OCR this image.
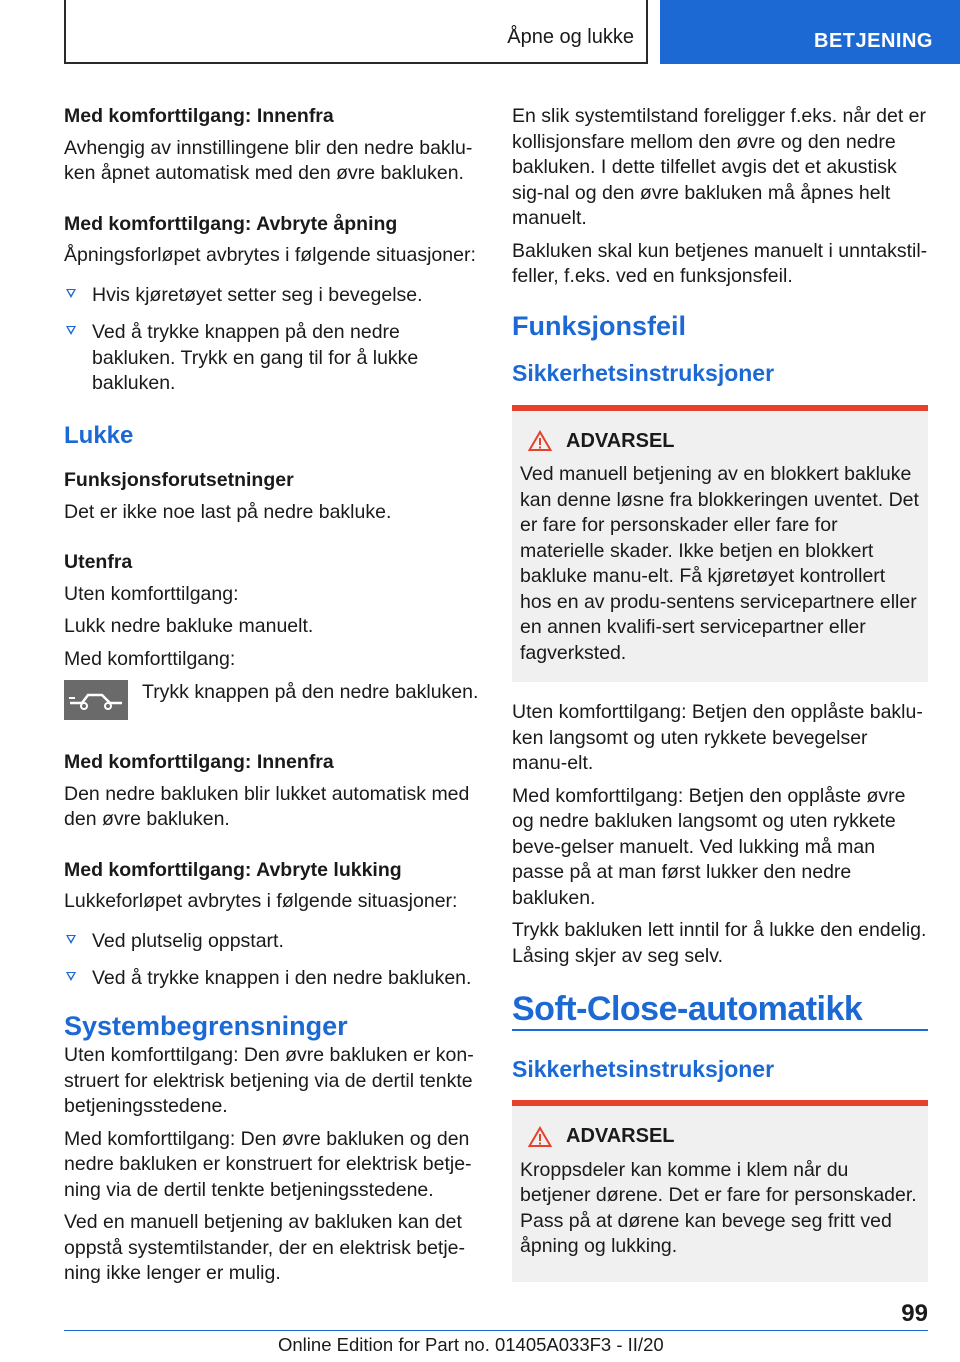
Åpne og lukke	BETJENING

Med komforttilgang: Innenfra

Avhengig av innstillingene blir den nedre baklu-ken åpnet automatisk med den øvre bakluken.

Med komforttilgang: Avbryte åpning

Åpningsforløpet avbrytes i følgende situasjoner:

Hvis kjøretøyet setter seg i bevegelse.
Ved å trykke knappen på den nedre bakluken. Trykk en gang til for å lukke bakluken.
Lukke

Funksjonsforutsetninger

Det er ikke noe last på nedre bakluke.

Utenfra

Uten komforttilgang:

Lukk nedre bakluke manuelt.

Med komforttilgang:

Trykk knappen på den nedre bakluken.

Med komforttilgang: Innenfra

Den nedre bakluken blir lukket automatisk med den øvre bakluken.

Med komforttilgang: Avbryte lukking

Lukkeforløpet avbrytes i følgende situasjoner:

Ved plutselig oppstart.
Ved å trykke knappen i den nedre bakluken.
Systembegrensninger

Uten komforttilgang: Den øvre bakluken er kon-struert for elektrisk betjening via de dertil tenkte betjeningsstedene.

Med komforttilgang: Den øvre bakluken og den nedre bakluken er konstruert for elektrisk betje-ning via de dertil tenkte betjeningsstedene.

Ved en manuell betjening av bakluken kan det oppstå systemtilstander, der en elektrisk betje-ning ikke lenger er mulig.

En slik systemtilstand foreligger f.eks. når det er kollisjonsfare mellom den øvre og den nedre bakluken. I dette tilfellet avgis det et akustisk sig-nal og den øvre bakluken må åpnes helt manuelt.

Bakluken skal kun betjenes manuelt i unntakstil-feller, f.eks. ved en funksjonsfeil.

Funksjonsfeil
Sikkerhetsinstruksjoner
ADVARSEL

Ved manuell betjening av en blokkert bakluke kan denne løsne fra blokkeringen uventet. Det er fare for personskader eller fare for materielle skader. Ikke betjen en blokkert bakluke manu-elt. Få kjøretøyet kontrollert hos en av produ-sentens servicepartnere eller en annen kvalifi-sert servicepartner eller fagverksted.

Uten komforttilgang: Betjen den opplåste baklu-ken langsomt og uten rykkete bevegelser manu-elt.

Med komforttilgang: Betjen den opplåste øvre og nedre bakluken langsomt og uten rykkete beve-gelser manuelt. Ved lukking må man passe på at man først lukker den nedre bakluken.

Trykk bakluken lett inntil for å lukke den endelig. Låsing skjer av seg selv.

Soft-Close-automatikk
Sikkerhetsinstruksjoner
ADVARSEL

Kroppsdeler kan komme i klem når du betjener dørene. Det er fare for personskader. Pass på at dørene kan bevege seg fritt ved åpning og lukking.

99
Online Edition for Part no. 01405A033F3 - II/20
